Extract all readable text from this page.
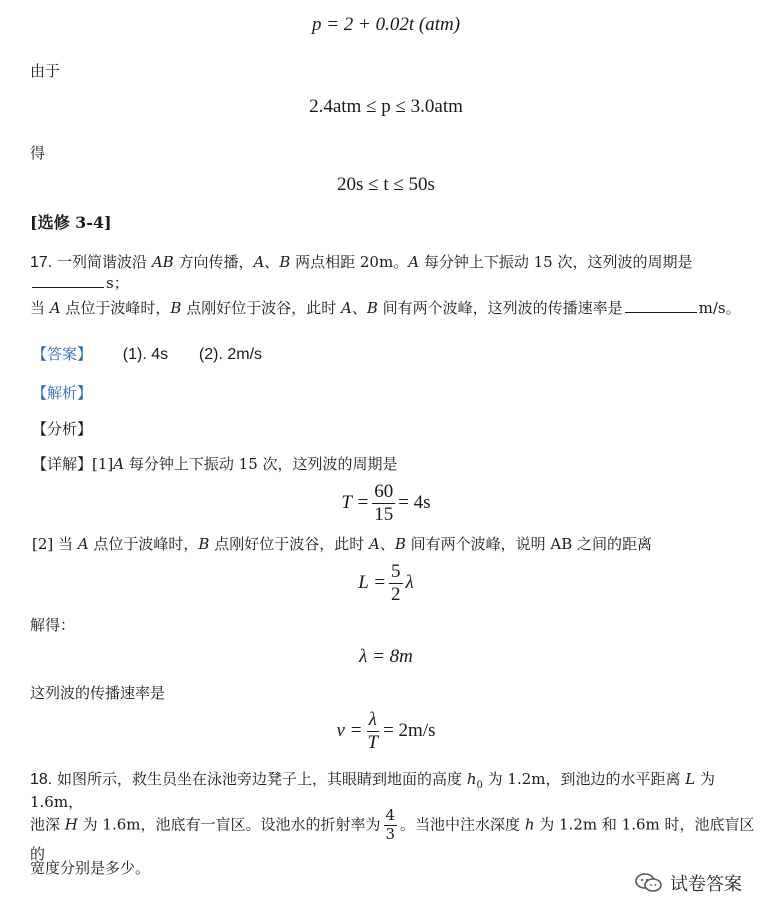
p = 2 + 0.02t (atm)
由于
2.4atm ≤ p ≤ 3.0atm
得
20s ≤ t ≤ 50s
[选修 3-4]
17. 一列简谐波沿 AB 方向传播，A、B 两点相距 20m。A 每分钟上下振动 15 次，这列波的周期是s；
当 A 点位于波峰时，B 点刚好位于波谷，此时 A、B 间有两个波峰，这列波的传播速率是	m/s。
【答案】 (1). 4s (2). 2m/s
【解析】
【分析】
【详解】[1]A 每分钟上下振动 15 次，这列波的周期是
$T = \frac{60}{15} = 4s$
[2] 当 A 点位于波峰时，B 点刚好位于波谷，此时 A、B 间有两个波峰，说明 AB 之间的距离
$L = \frac{5}{2}$ λ
解得：
λ = 8m
这列波的传播速率是
$v = \frac{\lambda}{T} = 2m/s$
18. 如图所示，救生员坐在泳池旁边凳子上，其眼睛到地面的高度 $h_0$ 为 1.2m，到池边的水平距离 L 为 1.6m，
池深 H 为 1.6m，池底有一盲区。设池水的折射率为 $\frac{4}{3}$ 。当池中注水深度 h 为 1.2m 和 1.6m 时，池底盲区的
宽度分别是多少。
试卷答案
